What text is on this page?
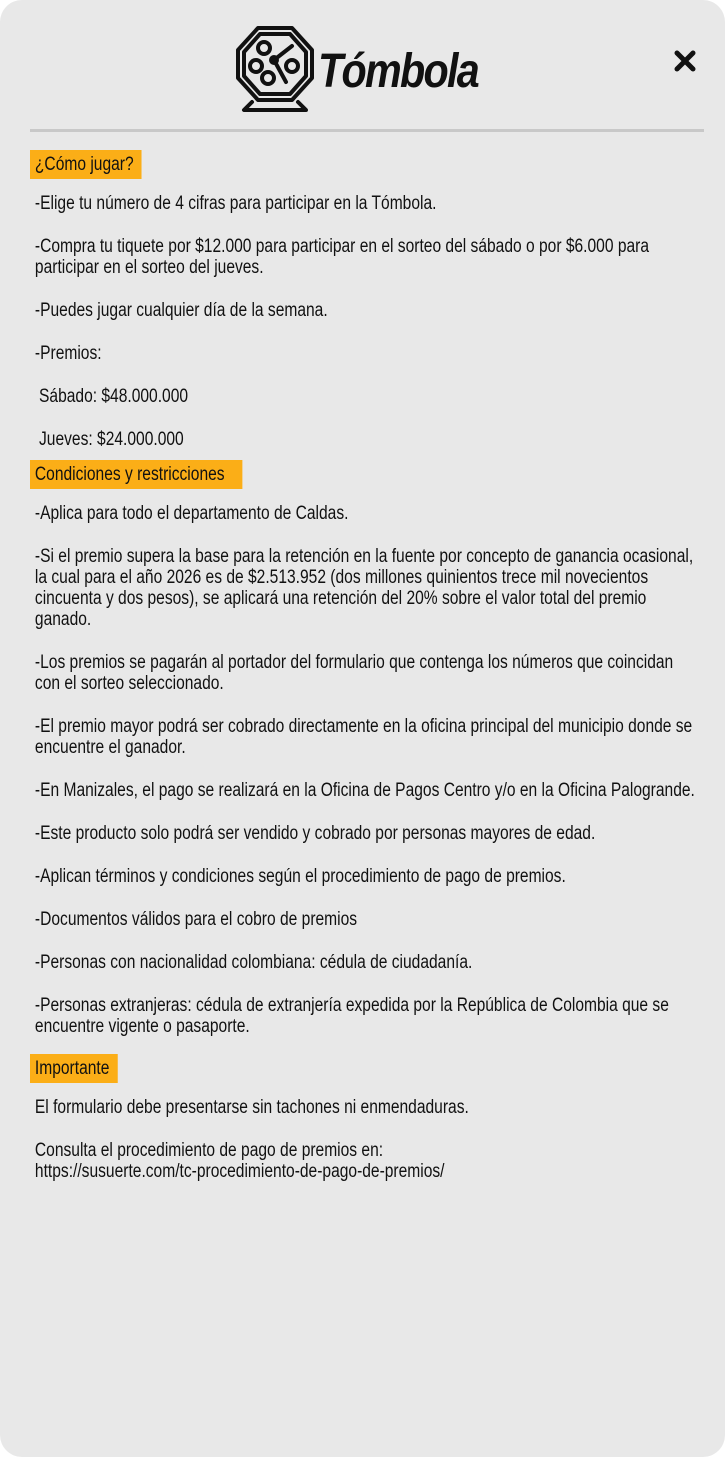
Tómbola
¿Cómo jugar?

-Elige tu número de 4 cifras para participar en la Tómbola.

-Compra tu tiquete por $12.000 para participar en el sorteo del sábado o por $6.000 para participar en el sorteo del jueves.

-Puedes jugar cualquier día de la semana.

-Premios:

Sábado: $48.000.000

Jueves: $24.000.000

Condiciones y restricciones

-Aplica para todo el departamento de Caldas.

-Si el premio supera la base para la retención en la fuente por concepto de ganancia ocasional, la cual para el año 2026 es de $2.513.952 (dos millones quinientos trece mil novecientos cincuenta y dos pesos), se aplicará una retención del 20% sobre el valor total del premio ganado.

-Los premios se pagarán al portador del formulario que contenga los números que coincidan con el sorteo seleccionado.

-El premio mayor podrá ser cobrado directamente en la oficina principal del municipio donde se encuentre el ganador.

-En Manizales, el pago se realizará en la Oficina de Pagos Centro y/o en la Oficina Palogrande.

-Este producto solo podrá ser vendido y cobrado por personas mayores de edad.

-Aplican términos y condiciones según el procedimiento de pago de premios.

-Documentos válidos para el cobro de premios

-Personas con nacionalidad colombiana: cédula de ciudadanía.

-Personas extranjeras: cédula de extranjería expedida por la República de Colombia que se encuentre vigente o pasaporte.

Importante

El formulario debe presentarse sin tachones ni enmendaduras.

Consulta el procedimiento de pago de premios en:

https://susuerte.com/tc-procedimiento-de-pago-de-premios/
